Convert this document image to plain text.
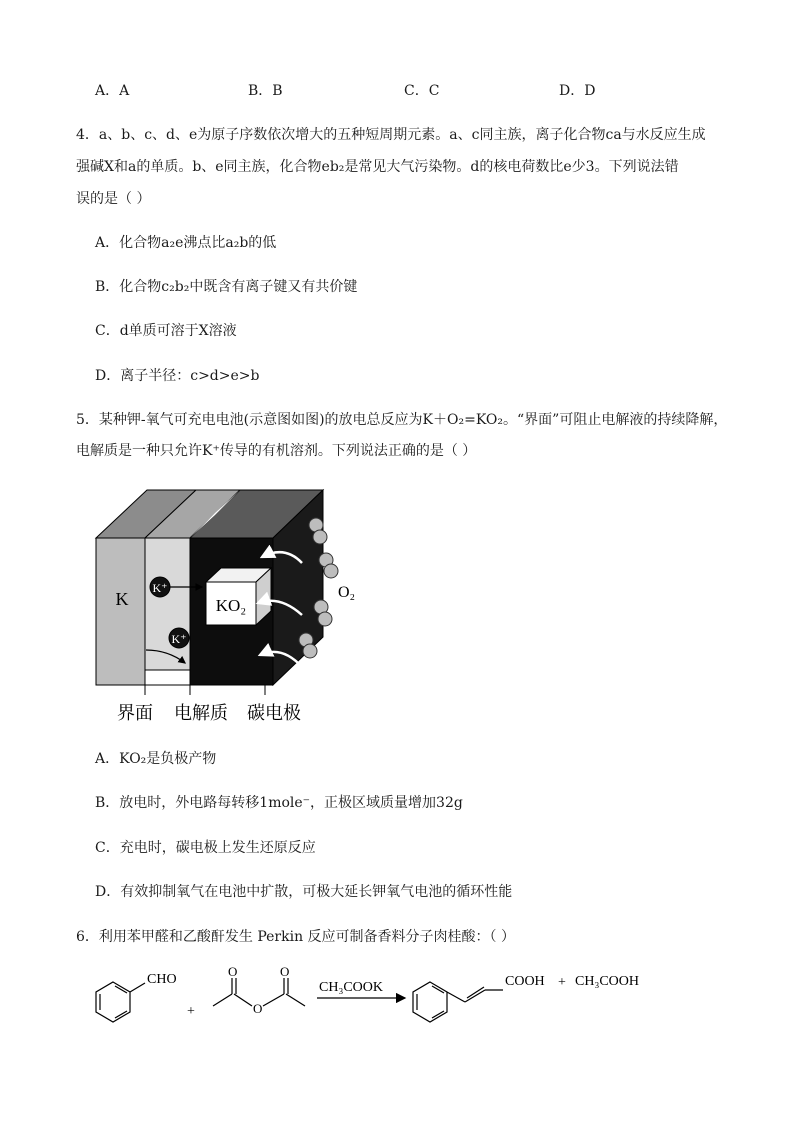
A．A	B．B	C．C	D．D
4．a、b、c、d、e为原子序数依次增大的五种短周期元素。a、c同主族，离子化合物ca与水反应生成
强碱X和a的单质。b、e同主族，化合物eb₂是常见大气污染物。d的核电荷数比e少3。下列说法错
误的是（ ）
A．化合物a₂e沸点比a₂b的低
B．化合物c₂b₂中既含有离子键又有共价键
C．d单质可溶于X溶液
D．离子半径：c>d>e>b
5．某种钾-氧气可充电电池(示意图如图)的放电总反应为K＋O₂=KO₂。“界面”可阻止电解液的持续降解，
电解质是一种只允许K⁺传导的有机溶剂。下列说法正确的是（ ）
KO₂
K
K⁺
K⁺
O₂
界面 电解质 碳电极
A．KO₂是负极产物
B．放电时，外电路每转移1mole⁻，正极区域质量增加32g
C．充电时，碳电极上发生还原反应
D．有效抑制氧气在电池中扩散，可极大延长钾氧气电池的循环性能
6．利用苯甲醛和乙酸酐发生 Perkin 反应可制备香料分子肉桂酸：（ ）
CHO
+
O	O
O
CH₃COOK	COOH + CH₃COOH
